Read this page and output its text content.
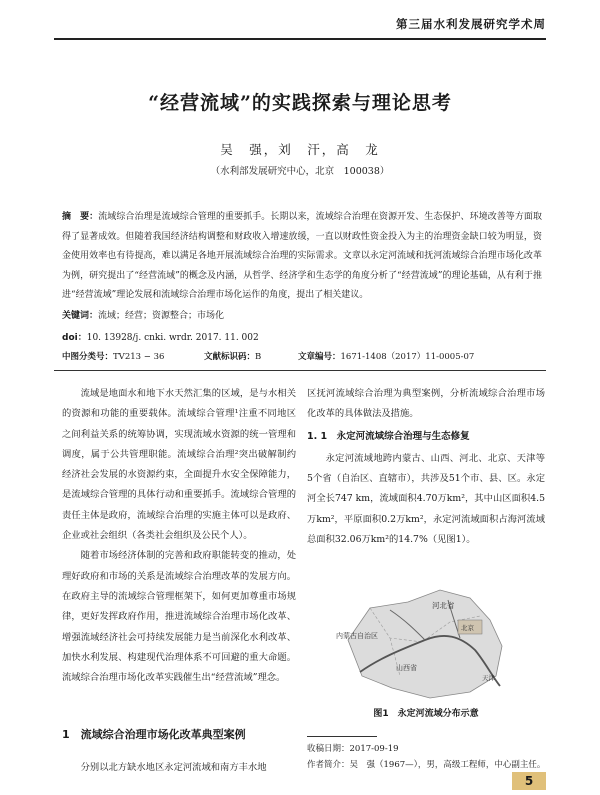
第三届水利发展研究学术周
“经营流域”的实践探索与理论思考
吴　强，刘　汗，高　龙
（水利部发展研究中心，北京　100038）
摘　要：流域综合治理是流域综合管理的重要抓手。长期以来，流域综合治理在资源开发、生态保护、环境改善等方面取得了显著成效。但随着我国经济结构调整和财政收入增速放缓，一直以财政性资金投入为主的治理资金缺口较为明显，资金使用效率也有待提高，难以满足各地开展流域综合治理的实际需求。文章以永定河流域和抚河流域综合治理市场化改革为例，研究提出了“经营流域”的概念及内涵，从哲学、经济学和生态学的角度分析了“经营流域”的理论基础，从有利于推进“经营流域”理论发展和流域综合治理市场化运作的角度，提出了相关建议。
关键词：流域；经营；资源整合；市场化
doi：10. 13928/j. cnki. wrdr. 2017. 11. 002
中图分类号：TV213 − 36	文献标识码：B	文章编号：1671-1408（2017）11-0005-07

流域是地面水和地下水天然汇集的区域，是与水相关的资源和功能的重要载体。流域综合管理¹注重不同地区之间利益关系的统筹协调，实现流域水资源的统一管理和调度，属于公共管理职能。流域综合治理²突出破解制约经济社会发展的水资源约束，全面提升水安全保障能力，是流域综合管理的具体行动和重要抓手。流域综合管理的责任主体是政府，流域综合治理的实施主体可以是政府、企业或社会组织（各类社会组织及公民个人）。

随着市场经济体制的完善和政府职能转变的推动，处理好政府和市场的关系是流域综合治理改革的发展方向。在政府主导的流域综合管理框架下，如何更加尊重市场规律，更好发挥政府作用，推进流域综合治理市场化改革、增强流域经济社会可持续发展能力是当前深化水利改革、加快水利发展、构建现代治理体系不可回避的重大命题。流域综合治理市场化改革实践催生出“经营流域”理念。

1　流域综合治理市场化改革典型案例

分别以北方缺水地区永定河流域和南方丰水地

区抚河流域综合治理为典型案例，分析流域综合治理市场化改革的具体做法及措施。

1. 1　永定河流域综合治理与生态修复

永定河流域地跨内蒙古、山西、河北、北京、天津等5个省（自治区、直辖市），共涉及51个市、县、区。永定河全长747 km，流域面积4.70万km²，其中山区面积4.5万km²，平原面积0.2万km²，永定河流域面积占海河流域总面积32.06万km²的14.7%（见图1）。

内蒙古自治区
河北省
北京
山西省
天津
图1　永定河流域分布示意
收稿日期：2017-09-19
作者简介：吴　强（1967—），男，高级工程师，中心副主任。
5
